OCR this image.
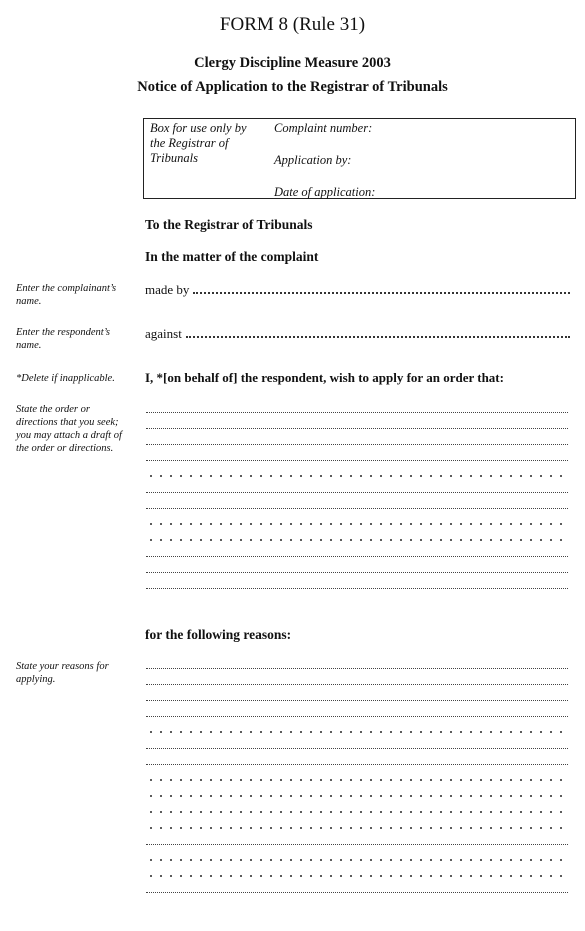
FORM 8 (Rule 31)
Clergy Discipline Measure 2003
Notice of Application to the Registrar of Tribunals
Box for use only by
the Registrar of
Tribunals
Complaint number:
Application by:
Date of application:
To the Registrar of Tribunals
In the matter of the complaint
Enter the complainant’s name.
made by
Enter the respondent’s name.
against
*Delete if inapplicable.	I, *[on behalf of] the respondent, wish to apply for an order that:
State the order or directions that you seek; you may attach a draft of the order or directions.
for the following reasons:
State your reasons for applying.
